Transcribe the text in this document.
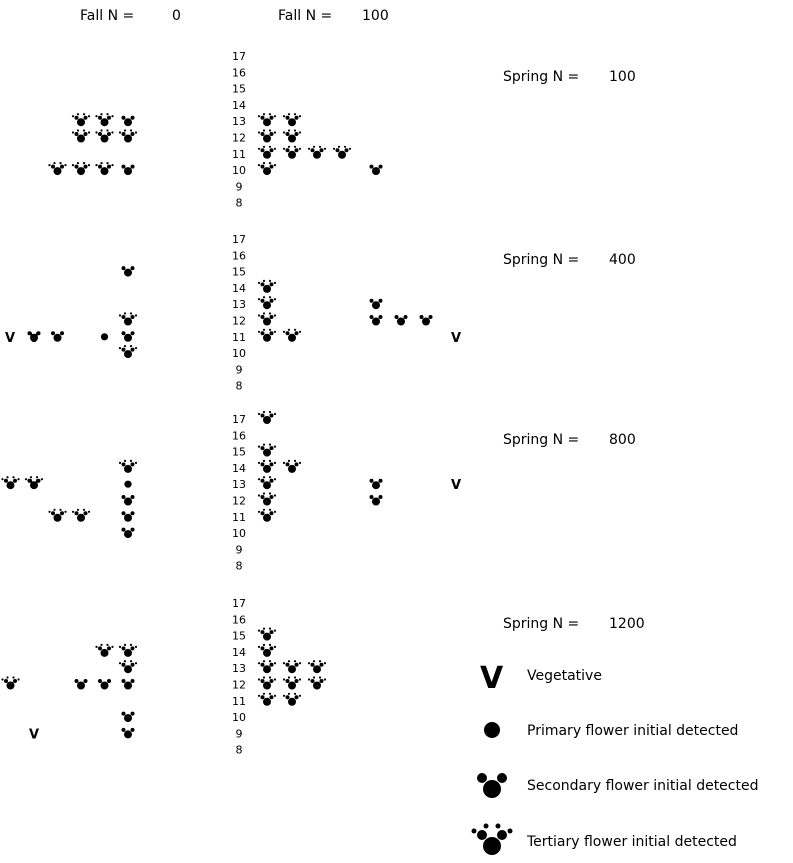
Fall N =	0	Fall N = 100
17
16
15
14
13
12
11
10
9
8
Spring N = 100
17
16
15
14
13
12
11
10
9
8
Spring N = 400
V V	V
17
16
15
14
13
12
11
10
9
8
Spring N = 800
V	V
17
16
15
14
13
12
11
10
9
8
Spring N = 1200
V
V Vegetative
Primary flower initial detected
Secondary flower initial detected
Tertiary flower initial detected
